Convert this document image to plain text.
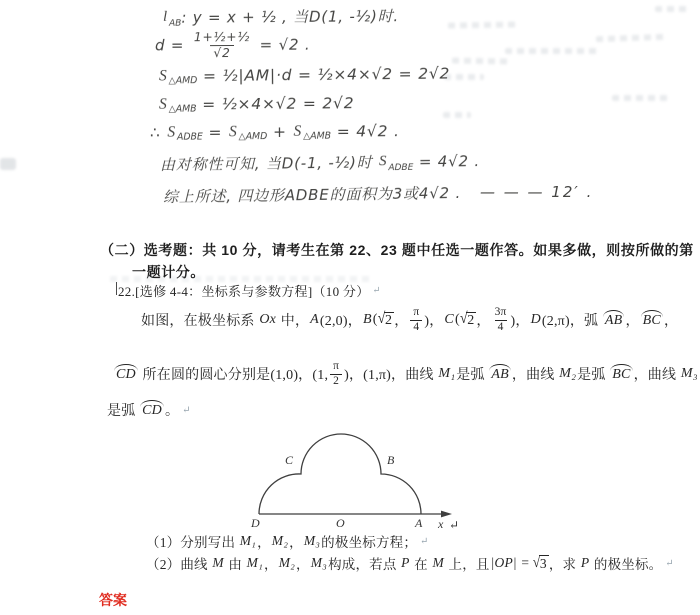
l AB : y = x + ½ , 当D(1, -½)时.
$d = \frac{\text{1+½+½}}{√2} = √2$ .
S △AMD = ½|AM|·d = ½×4×√2 = 2√2
S △AMB = ½×4×√2 = 2√2
∴ S ADBE = S △AMD + S △AMB = 4√2 .
由对称性可知, 当D(-1, -½)时 S ADBE = 4√2 .
综上所述, 四边形ADBE的面积为3或4√2 . — — — 12′ .
（二）选考题：共 10 分，请考生在第 22、23 题中任选一题作答。如果多做，则按所做的第
一题计分。
22.[选修 4-4：坐标系与参数方程]（10 分） ↵
如图，在极坐标系 Ox 中， A (2,0)， B ( √ 2 ，
π
4 )， C ( √ 2 ，
3π
4 )， D (2,π)，弧 AB ， BC ，
CD 所在圆的圆心分别是(1,0)，(1,
π
2 )，(1,π)，曲线 M₁ 是弧 AB ，曲线 M₂ 是弧 BC ，曲线 M₃
是弧 CD 。 ↵
C	B
D	O	A x ↵
（1）分别写出 M₁ ， M₂ ， M₃ 的极坐标方程； ↵
（2）曲线 M 由 M₁ ， M₂ ， M₃ 构成，若点 P 在 M 上，且 |OP| = √ 3 ，求 P 的极坐标。 ↵
答案
